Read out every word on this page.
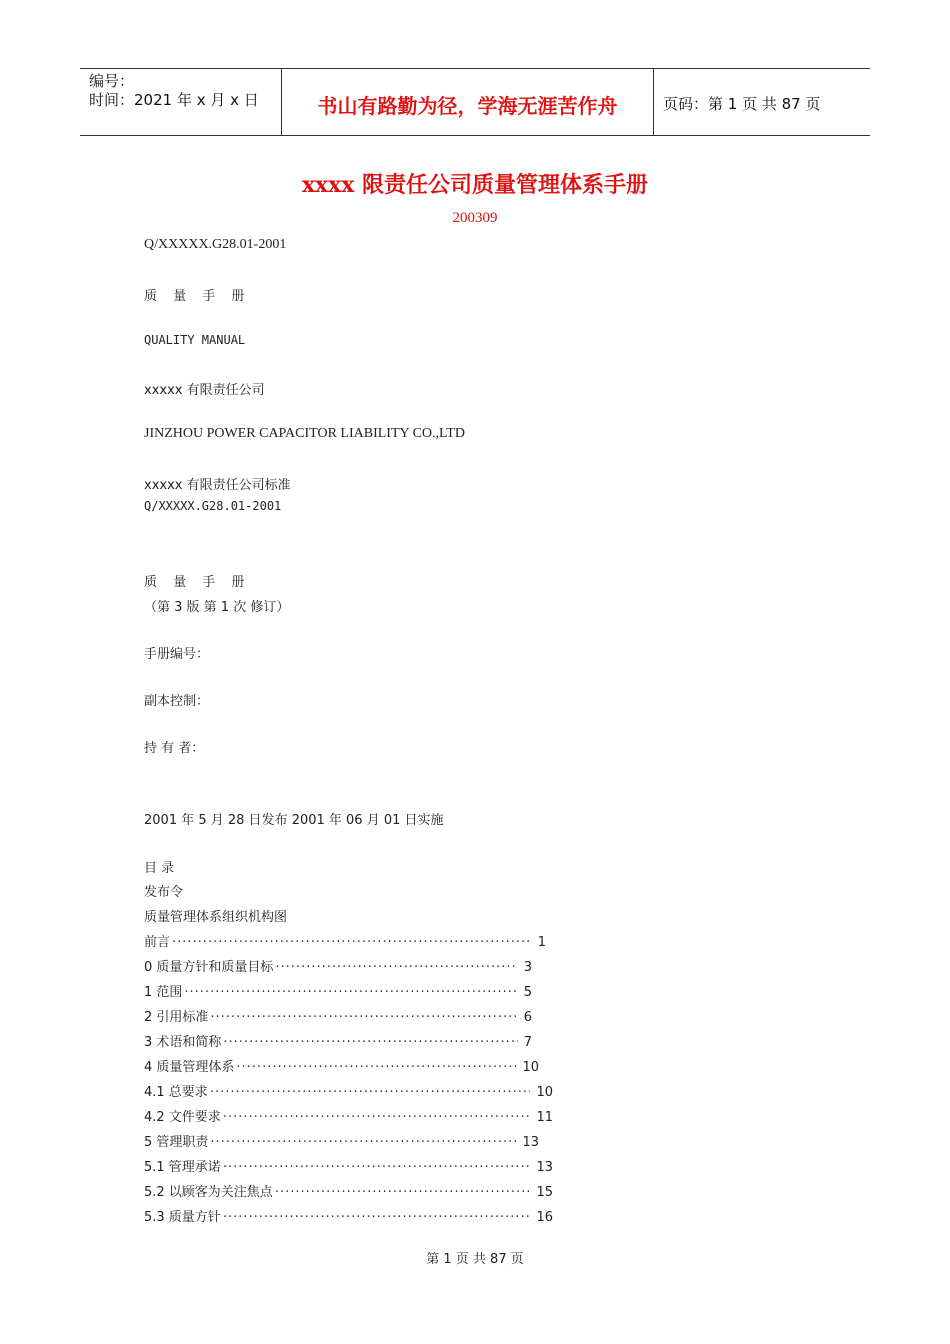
编号：
时间：2021 年 x 月 x 日	书山有路勤为径，学海无涯苦作舟	页码：第 1 页 共 87 页
xxxx 限责任公司质量管理体系手册
200309
Q/XXXXX.G28.01-2001
质 量 手 册
QUALITY MANUAL
xxxxx 有限责任公司
JINZHOU POWER CAPACITOR LIABILITY CO.,LTD
xxxxx 有限责任公司标准
Q/XXXXX.G28.01-2001
质 量 手 册
（第 3 版 第 1 次 修订）
手册编号：
副本控制：
持 有 者：
2001 年 5 月 28 日发布 2001 年 06 月 01 日实施
目 录
发布令
质量管理体系组织机构图
前言 ·····	1
0 质量方针和质量目标 ·····	3
1 范围 ·····	5
2 引用标准 ·····	6
3 术语和简称 ·····	7
4 质量管理体系 ·····	10
4.1 总要求 ·····	10
4.2 文件要求 ·····	11
5 管理职责 ·····	13
5.1 管理承诺 ·····	13
5.2 以顾客为关注焦点 ·····	15
5.3 质量方针 ·····	16
第 1 页 共 87 页
